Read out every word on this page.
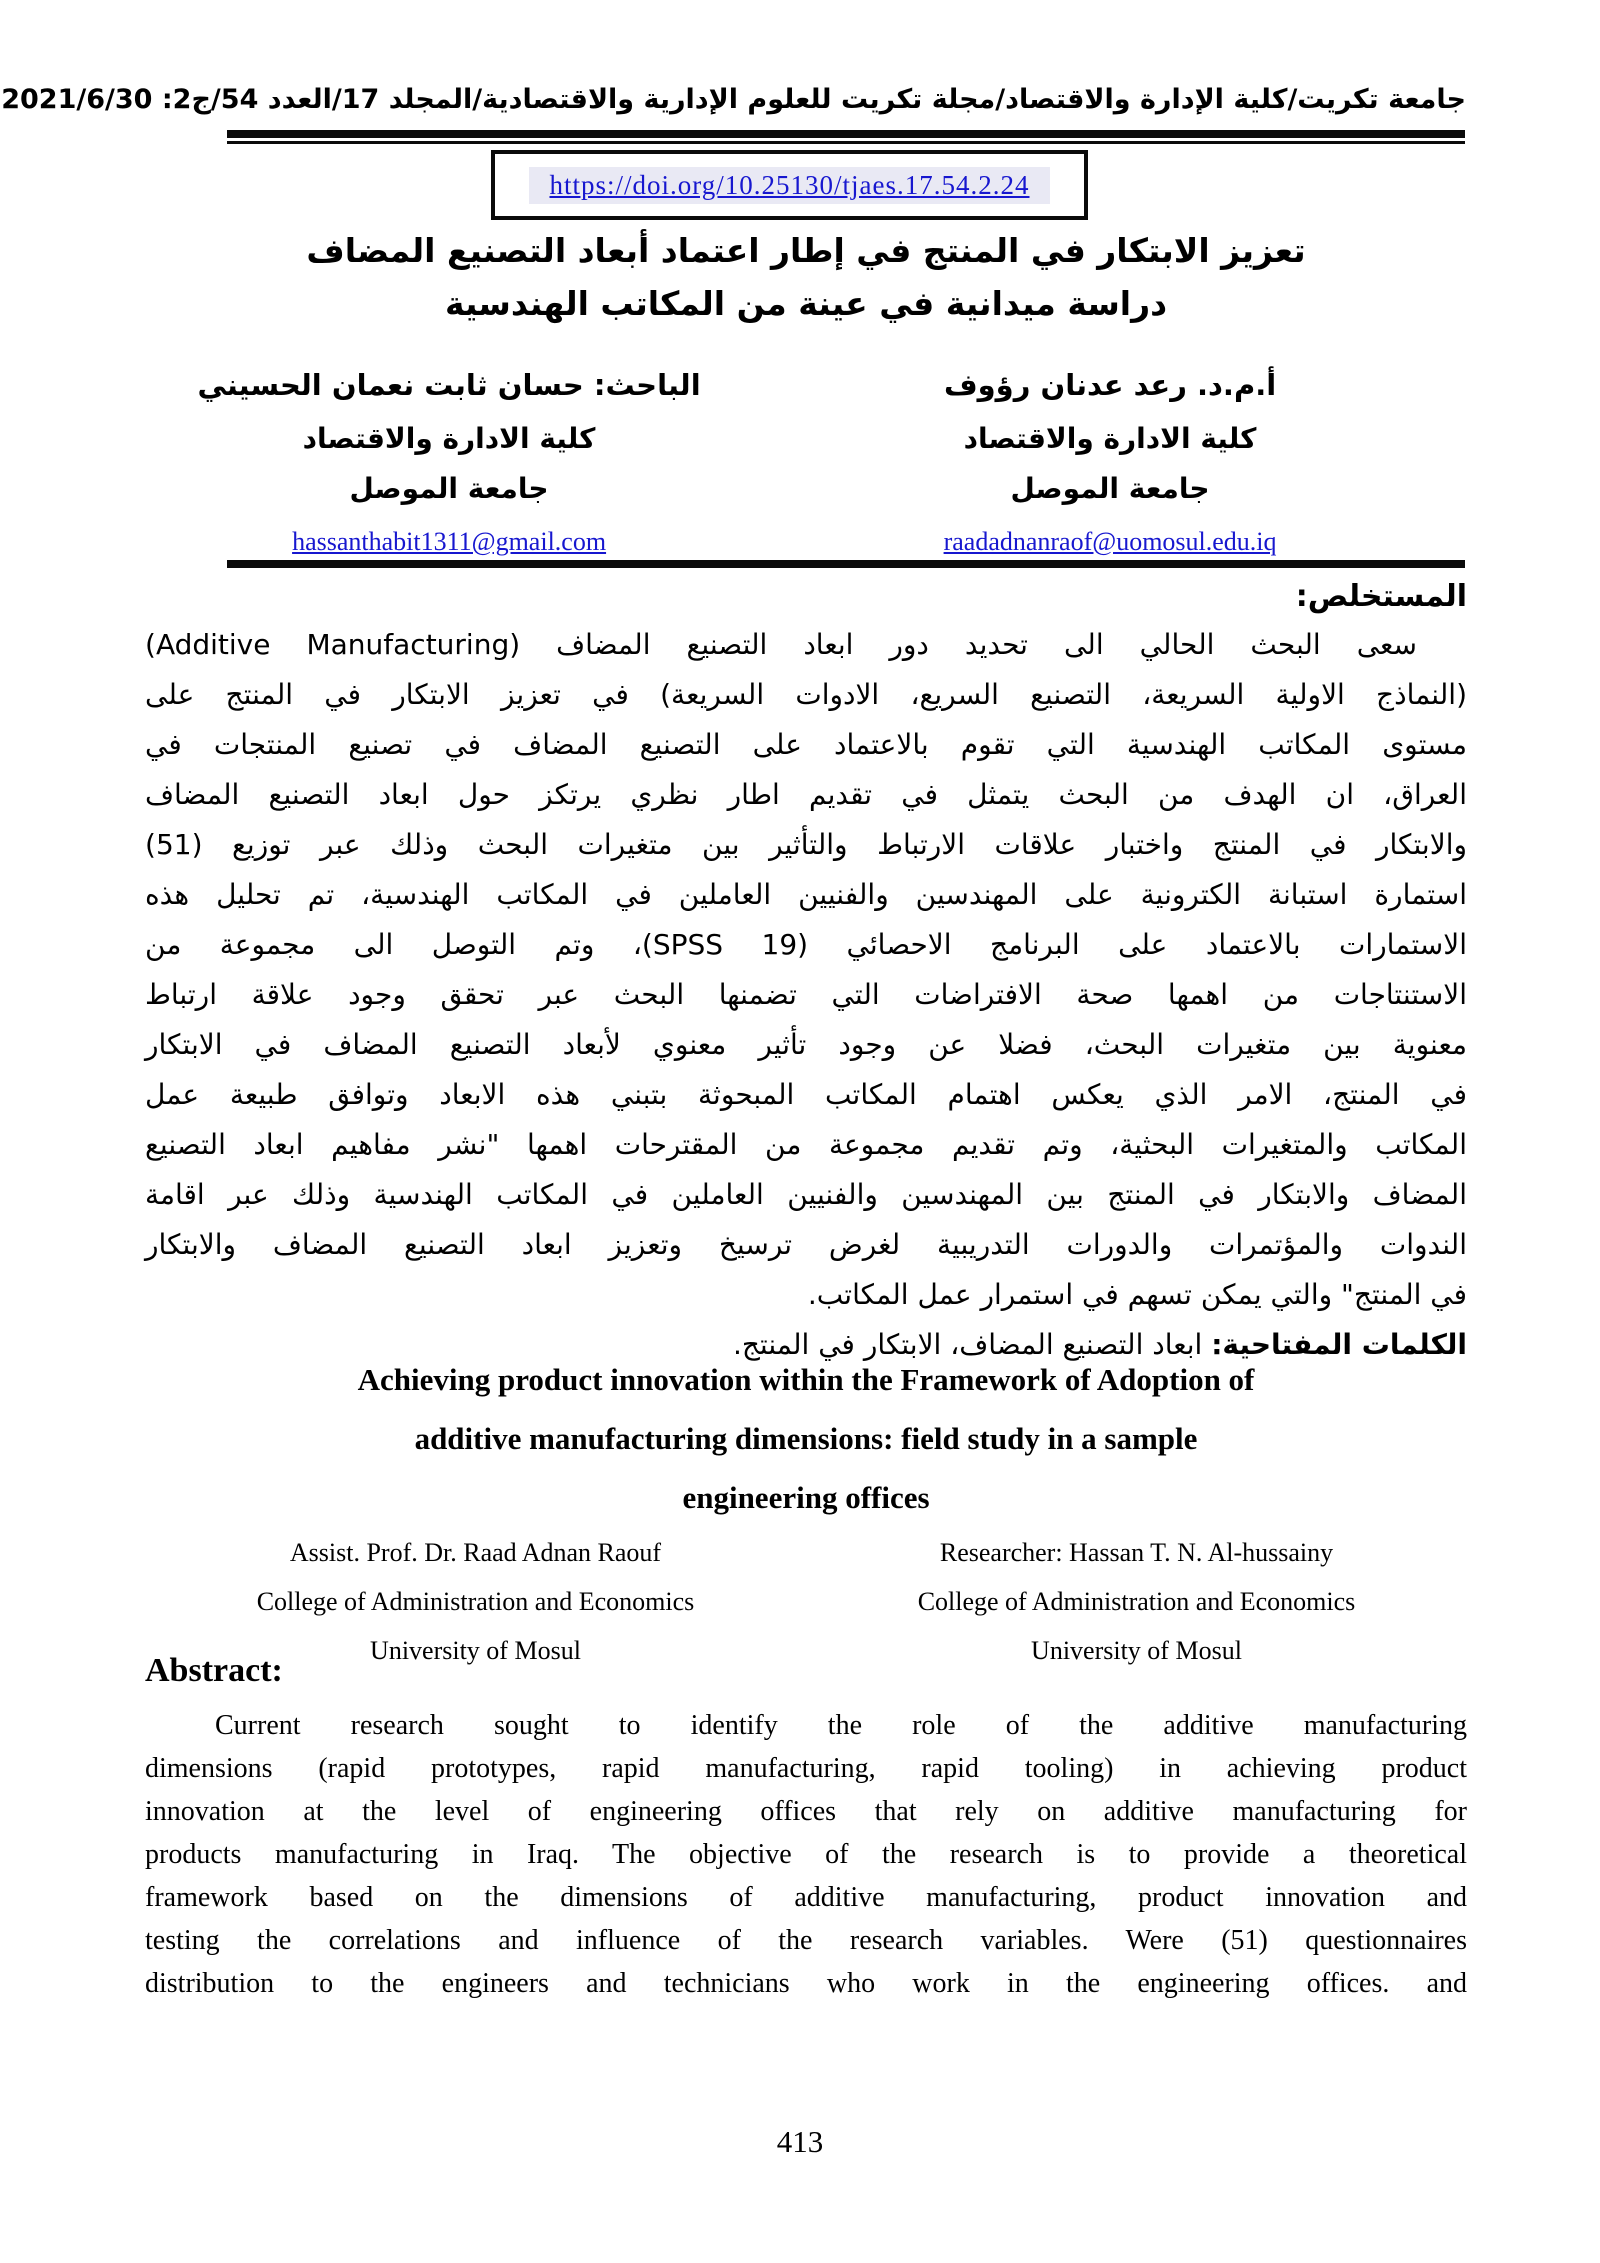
جامعة تكريت/كلية الإدارة والاقتصاد/مجلة تكريت للعلوم الإدارية والاقتصادية/المجلد 17/العدد 54/ج2: 2021/6/30
https://doi.org/10.25130/tjaes.17.54.2.24
تعزيز الابتكار في المنتج في إطار اعتماد أبعاد التصنيع المضاف
دراسة ميدانية في عينة من المكاتب الهندسية
أ.م.د. رعد عدنان رؤوف
كلية الادارة والاقتصاد
جامعة الموصل
raadadnanraof@uomosul.edu.iq
الباحث: حسان ثابت نعمان الحسيني
كلية الادارة والاقتصاد
جامعة الموصل
hassanthabit1311@gmail.com
المستخلص:
سعى البحث الحالي الى تحديد دور ابعاد التصنيع المضاف (Additive Manufacturing)
(النماذج الاولية السريعة، التصنيع السريع، الادوات السريعة) في تعزيز الابتكار في المنتج على
مستوى المكاتب الهندسية التي تقوم بالاعتماد على التصنيع المضاف في تصنيع المنتجات في
العراق، ان الهدف من البحث يتمثل في تقديم اطار نظري يرتكز حول ابعاد التصنيع المضاف
والابتكار في المنتج واختبار علاقات الارتباط والتأثير بين متغيرات البحث وذلك عبر توزيع (51)
استمارة استبانة الكترونية على المهندسين والفنيين العاملين في المكاتب الهندسية، تم تحليل هذه
الاستمارات بالاعتماد على البرنامج الاحصائي (SPSS 19)، وتم التوصل الى مجموعة من
الاستنتاجات من اهمها صحة الافتراضات التي تضمنها البحث عبر تحقق وجود علاقة ارتباط
معنوية بين متغيرات البحث، فضلا عن وجود تأثير معنوي لأبعاد التصنيع المضاف في الابتكار
في المنتج، الامر الذي يعكس اهتمام المكاتب المبحوثة بتبني هذه الابعاد وتوافق طبيعة عمل
المكاتب والمتغيرات البحثية، وتم تقديم مجموعة من المقترحات اهمها "نشر مفاهيم ابعاد التصنيع
المضاف والابتكار في المنتج بين المهندسين والفنيين العاملين في المكاتب الهندسية وذلك عبر اقامة
الندوات والمؤتمرات والدورات التدريبية لغرض ترسيخ وتعزيز ابعاد التصنيع المضاف والابتكار
في المنتج" والتي يمكن تسهم في استمرار عمل المكاتب.
الكلمات المفتاحية: ابعاد التصنيع المضاف، الابتكار في المنتج.
Achieving product innovation within the Framework of Adoption of
additive manufacturing dimensions: field study in a sample
engineering offices
Assist. Prof. Dr. Raad Adnan Raouf
College of Administration and Economics
University of Mosul
Researcher: Hassan T. N. Al-hussainy
College of Administration and Economics
University of Mosul
Abstract:
Current research sought to identify the role of the additive manufacturing
dimensions (rapid prototypes, rapid manufacturing, rapid tooling) in achieving product
innovation at the level of engineering offices that rely on additive manufacturing for
products manufacturing in Iraq. The objective of the research is to provide a theoretical
framework based on the dimensions of additive manufacturing, product innovation and
testing the correlations and influence of the research variables. Were (51) questionnaires
distribution to the engineers and technicians who work in the engineering offices. and
413
